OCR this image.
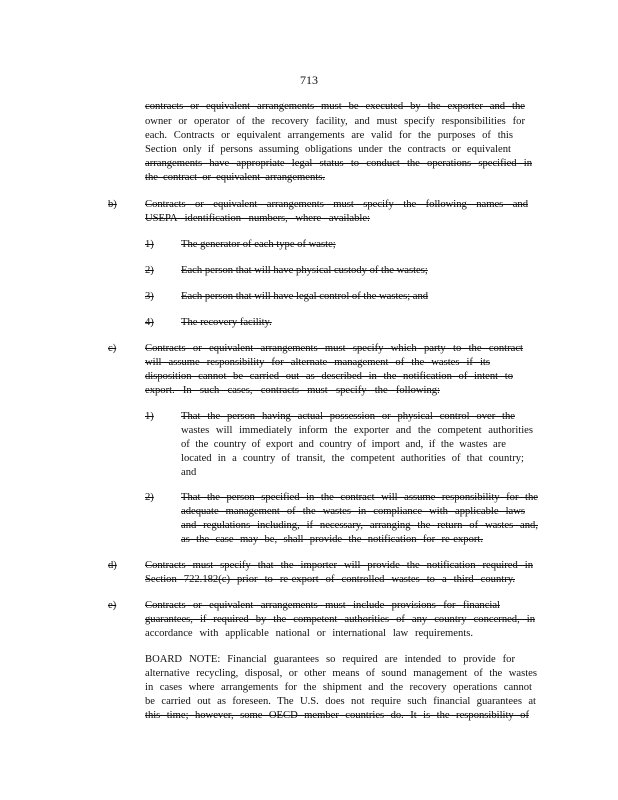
713
contracts or equivalent arrangements must be executed by the exporter and the
owner or operator of the recovery facility, and must specify responsibilities for
each. Contracts or equivalent arrangements are valid for the purposes of this
Section only if persons assuming obligations under the contracts or equivalent
arrangements have appropriate legal status to conduct the operations specified in
the contract or equivalent arrangements.
b)	Contracts or equivalent arrangements must specify the following names and
USEPA identification numbers, where available:
1)	The generator of each type of waste;
2)	Each person that will have physical custody of the wastes;
3)	Each person that will have legal control of the wastes; and
4)	The recovery facility.
c)	Contracts or equivalent arrangements must specify which party to the contract
will assume responsibility for alternate management of the wastes if its
disposition cannot be carried out as described in the notification of intent to
export. In such cases, contracts must specify the following:
1)	That the person having actual possession or physical control over the
wastes will immediately inform the exporter and the competent authorities
of the country of export and country of import and, if the wastes are
located in a country of transit, the competent authorities of that country;
and
2)	That the person specified in the contract will assume responsibility for the
adequate management of the wastes in compliance with applicable laws
and regulations including, if necessary, arranging the return of wastes and,
as the case may be, shall provide the notification for re-export.
d)	Contracts must specify that the importer will provide the notification required in
Section 722.182(c) prior to re-export of controlled wastes to a third country.
e)	Contracts or equivalent arrangements must include provisions for financial
guarantees, if required by the competent authorities of any country concerned, in
accordance with applicable national or international law requirements.
BOARD NOTE: Financial guarantees so required are intended to provide for
alternative recycling, disposal, or other means of sound management of the wastes
in cases where arrangements for the shipment and the recovery operations cannot
be carried out as foreseen. The U.S. does not require such financial guarantees at
this time; however, some OECD member countries do. It is the responsibility of
